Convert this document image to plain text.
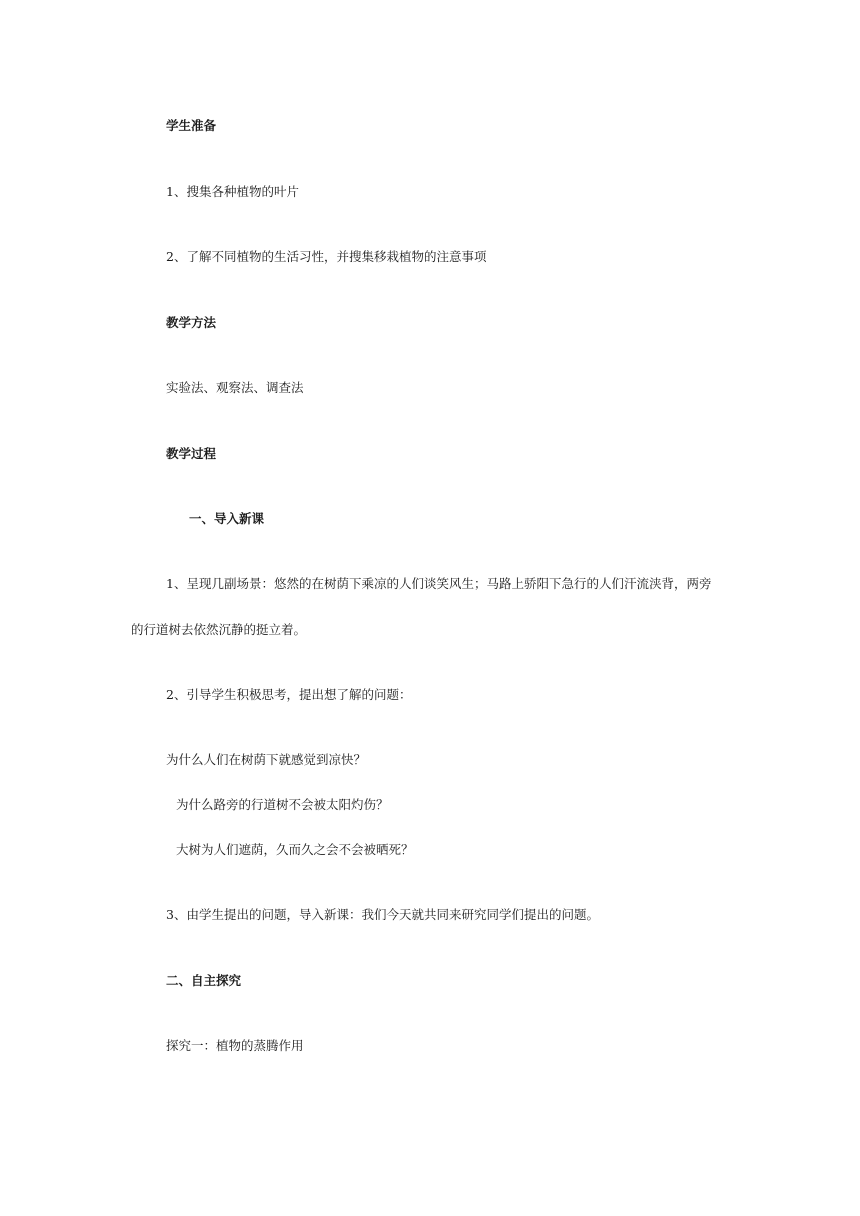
学生准备
1、搜集各种植物的叶片
2、了解不同植物的生活习性，并搜集移栽植物的注意事项
教学方法
实验法、观察法、调查法
教学过程
一、导入新课
1、呈现几副场景：悠然的在树荫下乘凉的人们谈笑风生；马路上骄阳下急行的人们汗流浃背，两旁
的行道树去依然沉静的挺立着。
2、引导学生积极思考，提出想了解的问题：
为什么人们在树荫下就感觉到凉快？
为什么路旁的行道树不会被太阳灼伤？
大树为人们遮荫，久而久之会不会被晒死？
3、由学生提出的问题，导入新课：我们今天就共同来研究同学们提出的问题。
二、自主探究
探究一：植物的蒸腾作用
